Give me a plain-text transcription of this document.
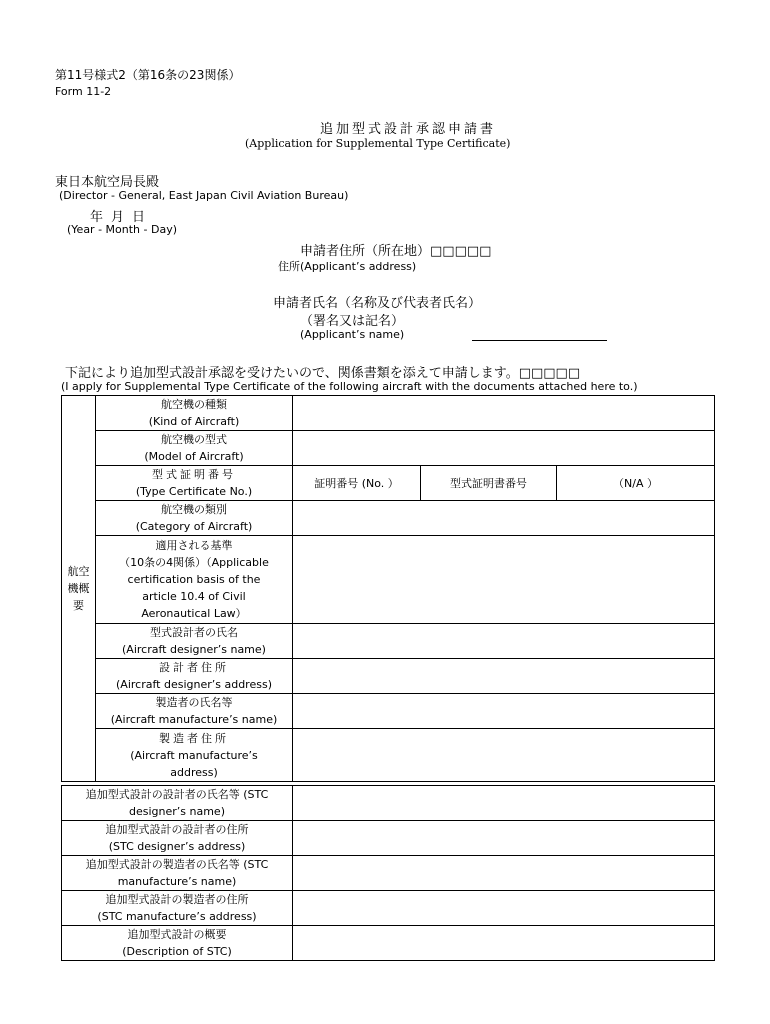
第11号様式2（第16条の23関係）
Form 11-2
追加型式設計承認申請書
(Application for Supplemental Type Certificate)
東日本航空局長殿
(Director - General, East Japan Civil Aviation Bureau)
年月日
(Year - Month - Day)
申請者住所（所在地）□□□□□
住所(Applicant’s address)
申請者氏名（名称及び代表者氏名）
（署名又は記名）
(Applicant’s name)
下記により追加型式設計承認を受けたいので、関係書類を添えて申請します。□□□□□
(I apply for Supplemental Type Certificate of the following aircraft with the documents attached here to.)
航空
機概
要	航空機の種類
(Kind of Aircraft)			

	航空機の型式
(Model of Aircraft)			

	型式証明番号
(Type Certificate No.)	証明番号 (No. ）	型式証明書番号	（N/A ）

	航空機の類別
(Category of Aircraft)			

	適用される基準
（10条の4関係）（Applicable
certification basis of the
article 10.4 of Civil
Aeronautical Law）			

	型式設計者の氏名
(Aircraft designer’s name)			

	設計者住所
(Aircraft designer’s address)			

	製造者の氏名等
(Aircraft manufacture’s name)			

	製造者住所
(Aircraft manufacture’s
address)			

追加型式設計の設計者の氏名等 (STC
designer’s name)	

追加型式設計の設計者の住所
(STC designer’s address)	

追加型式設計の製造者の氏名等 (STC
manufacture’s name)	

追加型式設計の製造者の住所
(STC manufacture’s address)	

追加型式設計の概要
(Description of STC)	
